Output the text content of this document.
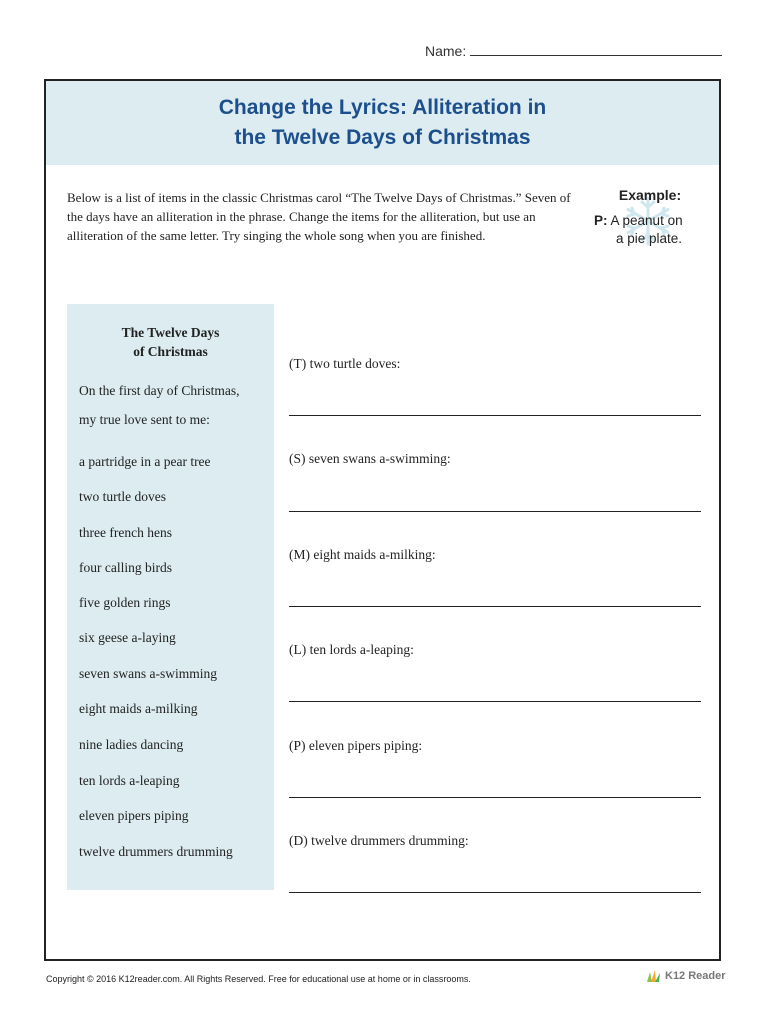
Name:
Change the Lyrics: Alliteration in
the Twelve Days of Christmas
Below is a list of items in the classic Christmas carol “The Twelve Days of Christmas.” Seven of the days have an alliteration in the phrase. Change the items for the alliteration, but use an alliteration of the same letter. Try singing the whole song when you are finished.
Example:
P: A peanut on
a pie plate.
The Twelve Days
of Christmas
On the first day of Christmas,
my true love sent to me:
a partridge in a pear tree
two turtle doves
three french hens
four calling birds
five golden rings
six geese a-laying
seven swans a-swimming
eight maids a-milking
nine ladies dancing
ten lords a-leaping
eleven pipers piping
twelve drummers drumming
(T) two turtle doves:
(S) seven swans a-swimming:
(M) eight maids a-milking:
(L) ten lords a-leaping:
(P) eleven pipers piping:
(D) twelve drummers drumming:
Copyright © 2016 K12reader.com. All Rights Reserved. Free for educational use at home or in classrooms.	K12 Reader
